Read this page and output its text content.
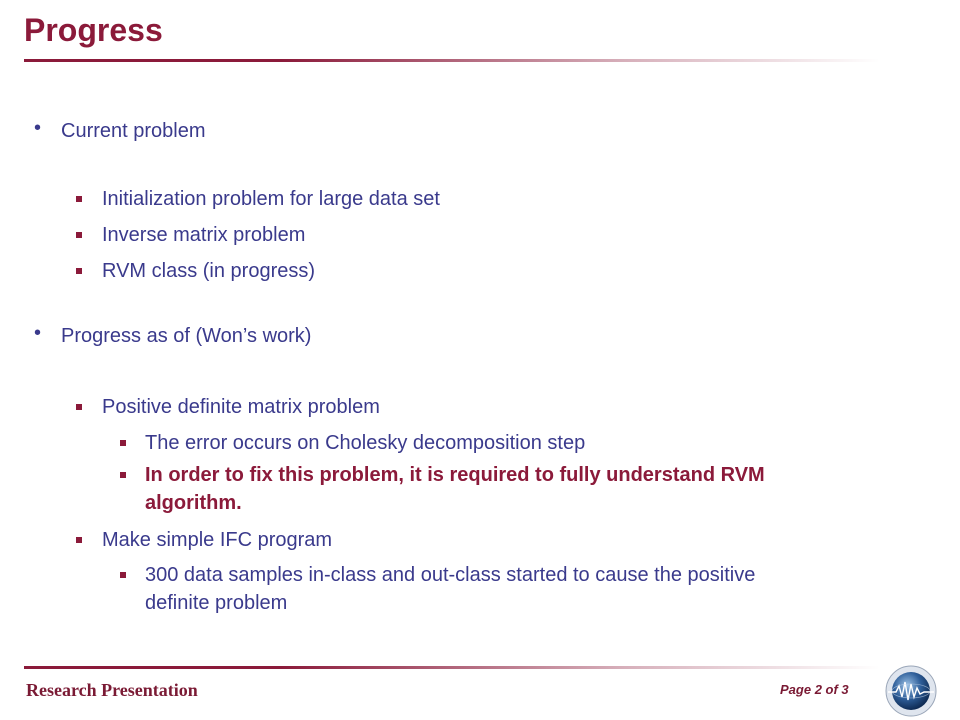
Progress
• Current problem
Initialization problem for large data set
Inverse matrix problem
RVM class (in progress)
• Progress as of (Won’s work)
Positive definite matrix problem
The error occurs on Cholesky decomposition step
In order to fix this problem, it is required to fully understand RVM
algorithm.
Make simple IFC program
300 data samples in-class and out-class started to cause the positive
definite problem
Research Presentation	Page 2 of 3
